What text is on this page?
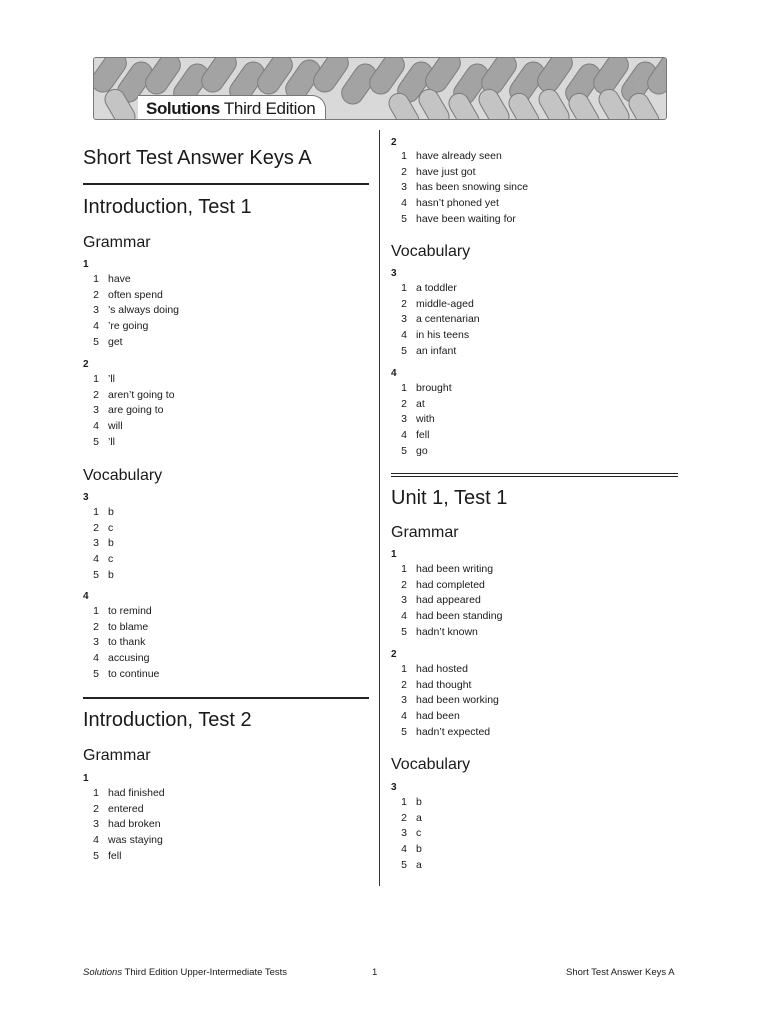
Solutions Third Edition
Short Test Answer Keys A
Introduction, Test 1
Grammar
1
1 have
2 often spend
3 ’s always doing
4 ’re going
5 get
2
1 ’ll
2 aren’t going to
3 are going to
4 will
5 ’ll
Vocabulary
3
1 b
2 c
3 b
4 c
5 b
4
1 to remind
2 to blame
3 to thank
4 accusing
5 to continue
Introduction, Test 2
Grammar
1
1 had finished
2 entered
3 had broken
4 was staying
5 fell
2
1 have already seen
2 have just got
3 has been snowing since
4 hasn’t phoned yet
5 have been waiting for
Vocabulary
3
1 a toddler
2 middle-aged
3 a centenarian
4 in his teens
5 an infant
4
1 brought
2 at
3 with
4 fell
5 go
Unit 1, Test 1
Grammar
1
1 had been writing
2 had completed
3 had appeared
4 had been standing
5 hadn’t known
2
1 had hosted
2 had thought
3 had been working
4 had been
5 hadn’t expected
Vocabulary
3
1 b
2 a
3 c
4 b
5 a
Solutions Third Edition Upper-Intermediate Tests	1	Short Test Answer Keys A
